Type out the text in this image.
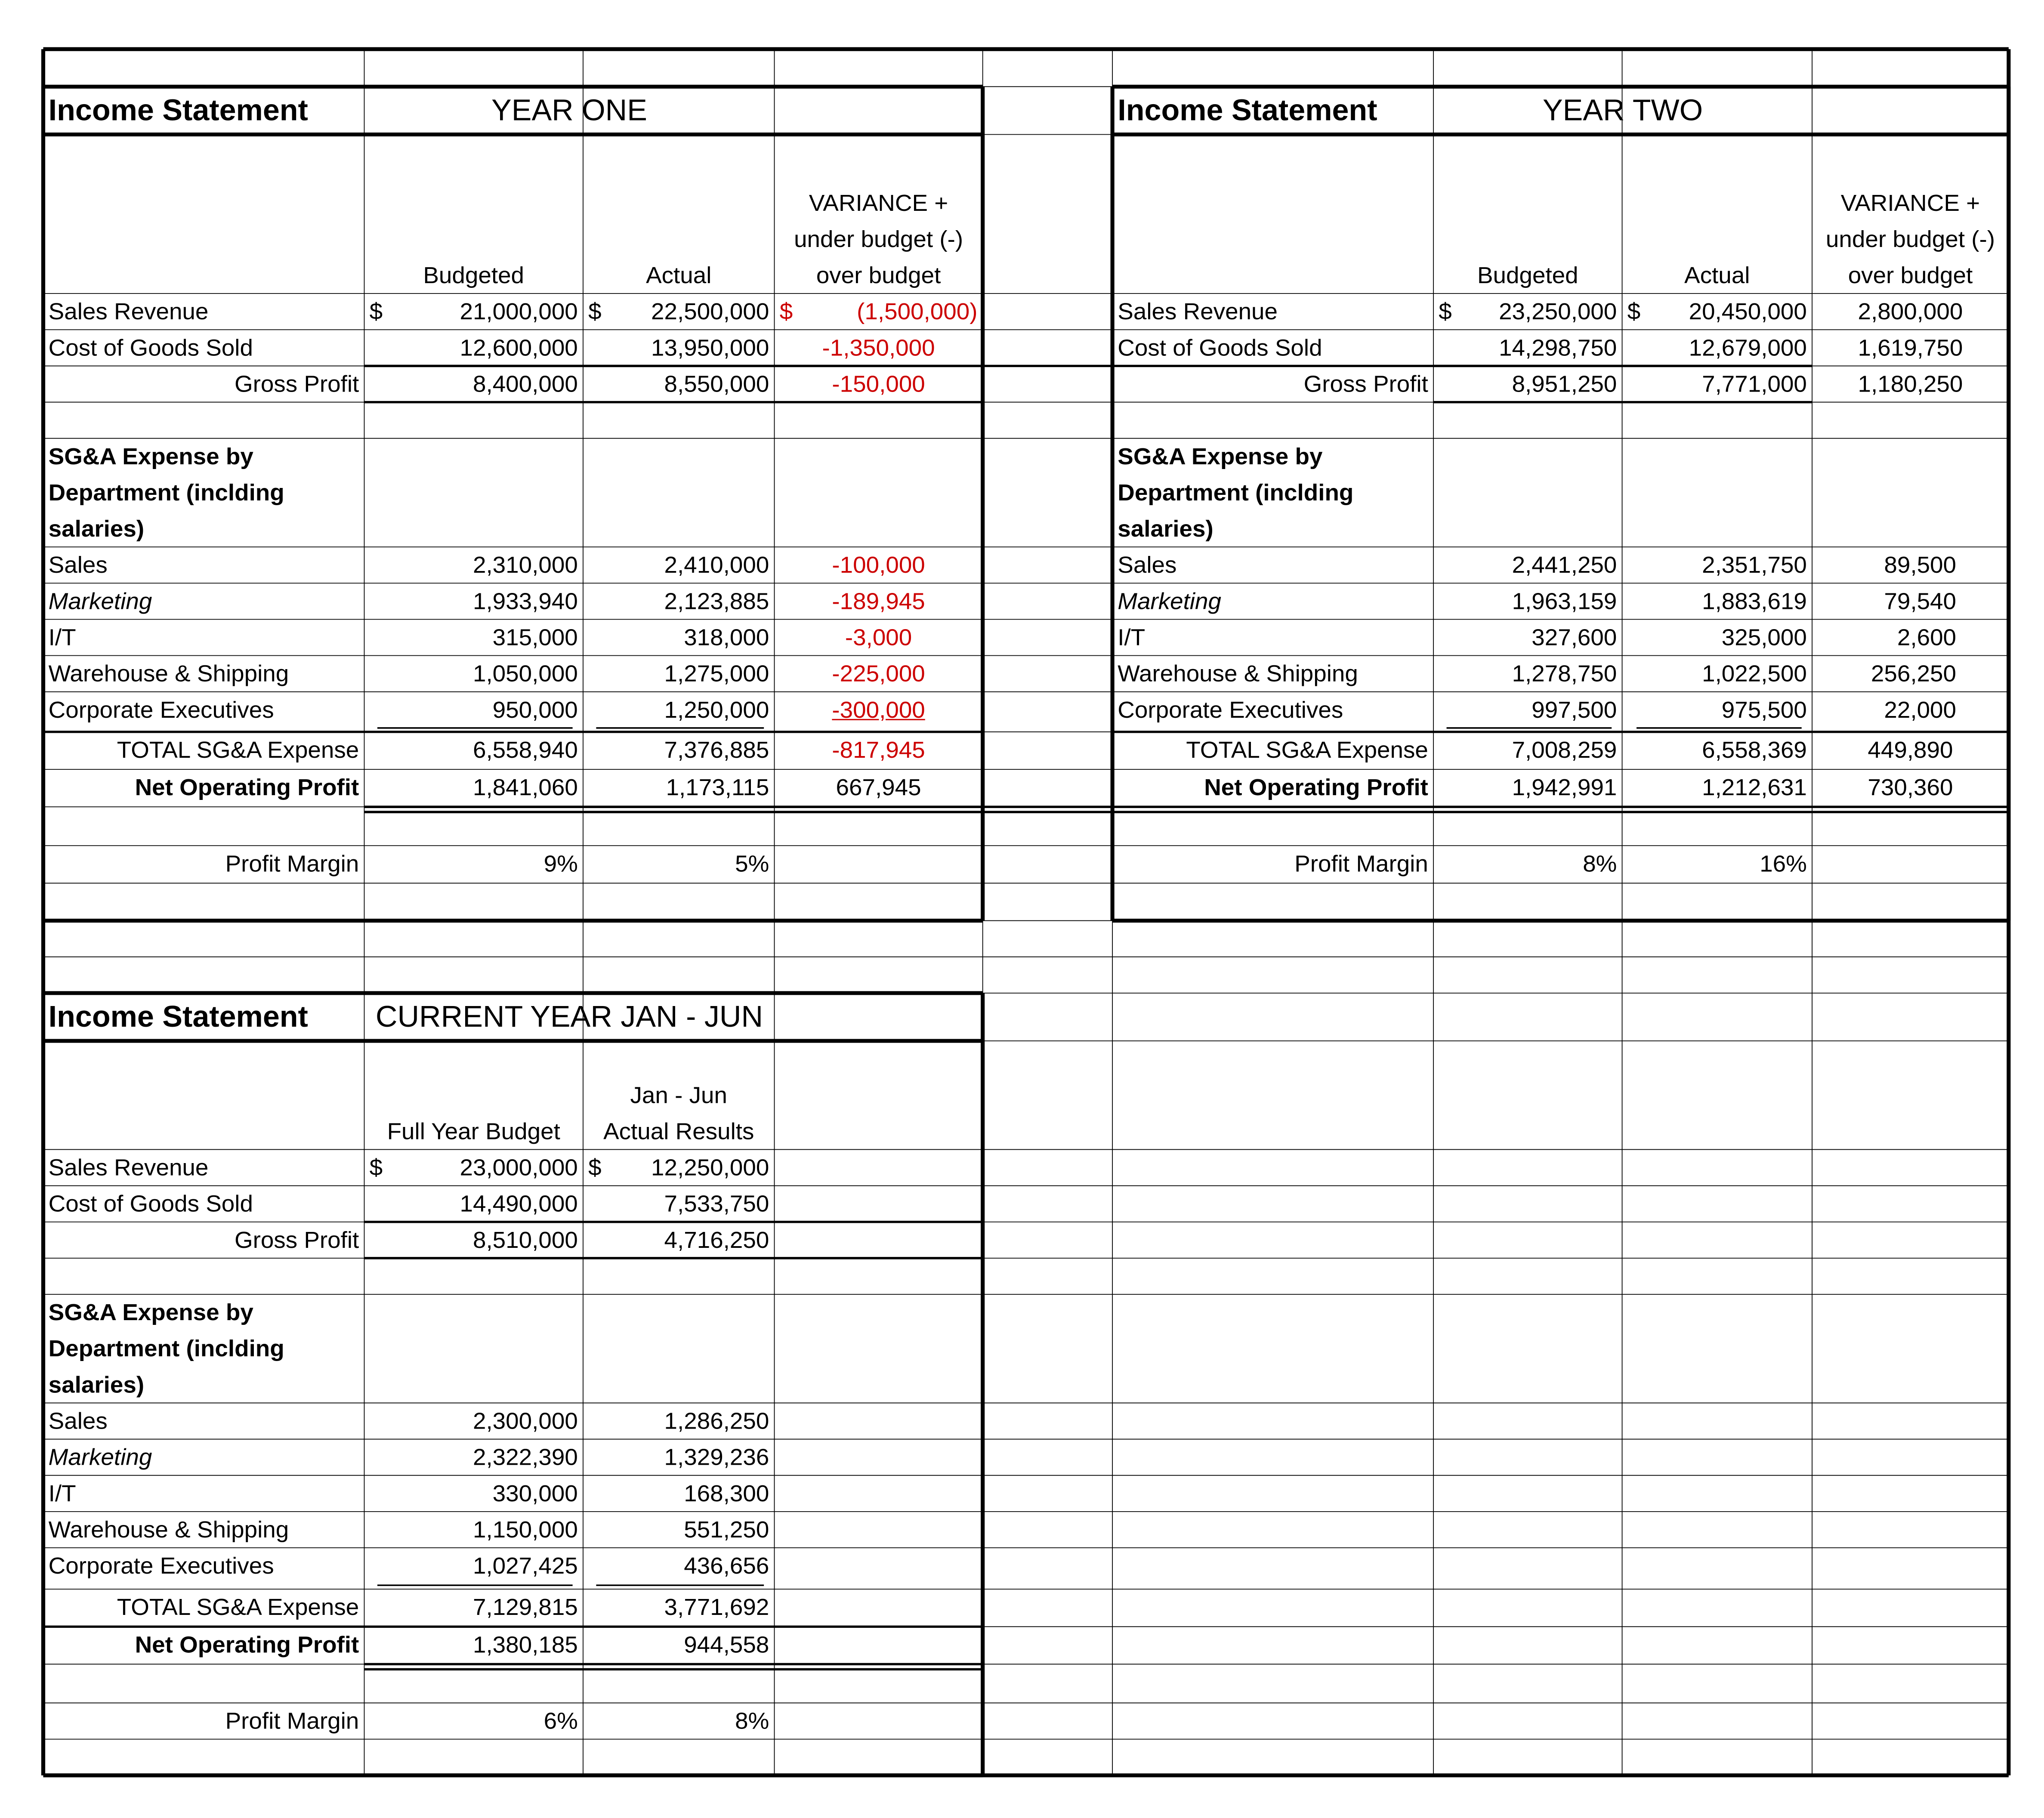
Income Statement	YEAR ONE
Budgeted	Actual
VARIANCE + under budget (-) over budget
Sales Revenue	21,000,000	22,500,000	(1,500,000)
$	$	$
Cost of Goods Sold	12,600,000	13,950,000	-1,350,000
Gross Profit	8,400,000	8,550,000	-150,000
SG&A Expense by Department (inclding salaries)
Sales	2,310,000	2,410,000	-100,000
Marketing	1,933,940	2,123,885	-189,945
I/T	315,000	318,000	-3,000
Warehouse & Shipping	1,050,000	1,275,000	-225,000
Corporate Executives	950,000	1,250,000	-300,000
TOTAL SG&A Expense	6,558,940	7,376,885	-817,945
Net Operating Profit	1,841,060	1,173,115	667,945
Profit Margin	9%	5%
Income Statement	YEAR TWO
Budgeted	Actual
VARIANCE + under budget (-) over budget
Sales Revenue	23,250,000	20,450,000	2,800,000
$	$
Cost of Goods Sold	14,298,750	12,679,000	1,619,750
Gross Profit	8,951,250	7,771,000	1,180,250
SG&A Expense by Department (inclding salaries)
Sales	2,441,250	2,351,750	89,500
Marketing	1,963,159	1,883,619	79,540
I/T	327,600	325,000	2,600
Warehouse & Shipping	1,278,750	1,022,500	256,250
Corporate Executives	997,500	975,500	22,000
TOTAL SG&A Expense	7,008,259	6,558,369	449,890
Net Operating Profit	1,942,991	1,212,631	730,360
Profit Margin	8%	16%
Income Statement	CURRENT YEAR JAN - JUN
Full Year Budget
Jan - Jun Actual Results
Sales Revenue	23,000,000	12,250,000
$	$
Cost of Goods Sold	14,490,000	7,533,750
Gross Profit	8,510,000	4,716,250
SG&A Expense by Department (inclding salaries)
Sales	2,300,000	1,286,250
Marketing	2,322,390	1,329,236
I/T	330,000	168,300
Warehouse & Shipping	1,150,000	551,250
Corporate Executives	1,027,425	436,656
TOTAL SG&A Expense	7,129,815	3,771,692
Net Operating Profit	1,380,185	944,558
Profit Margin	6%	8%
